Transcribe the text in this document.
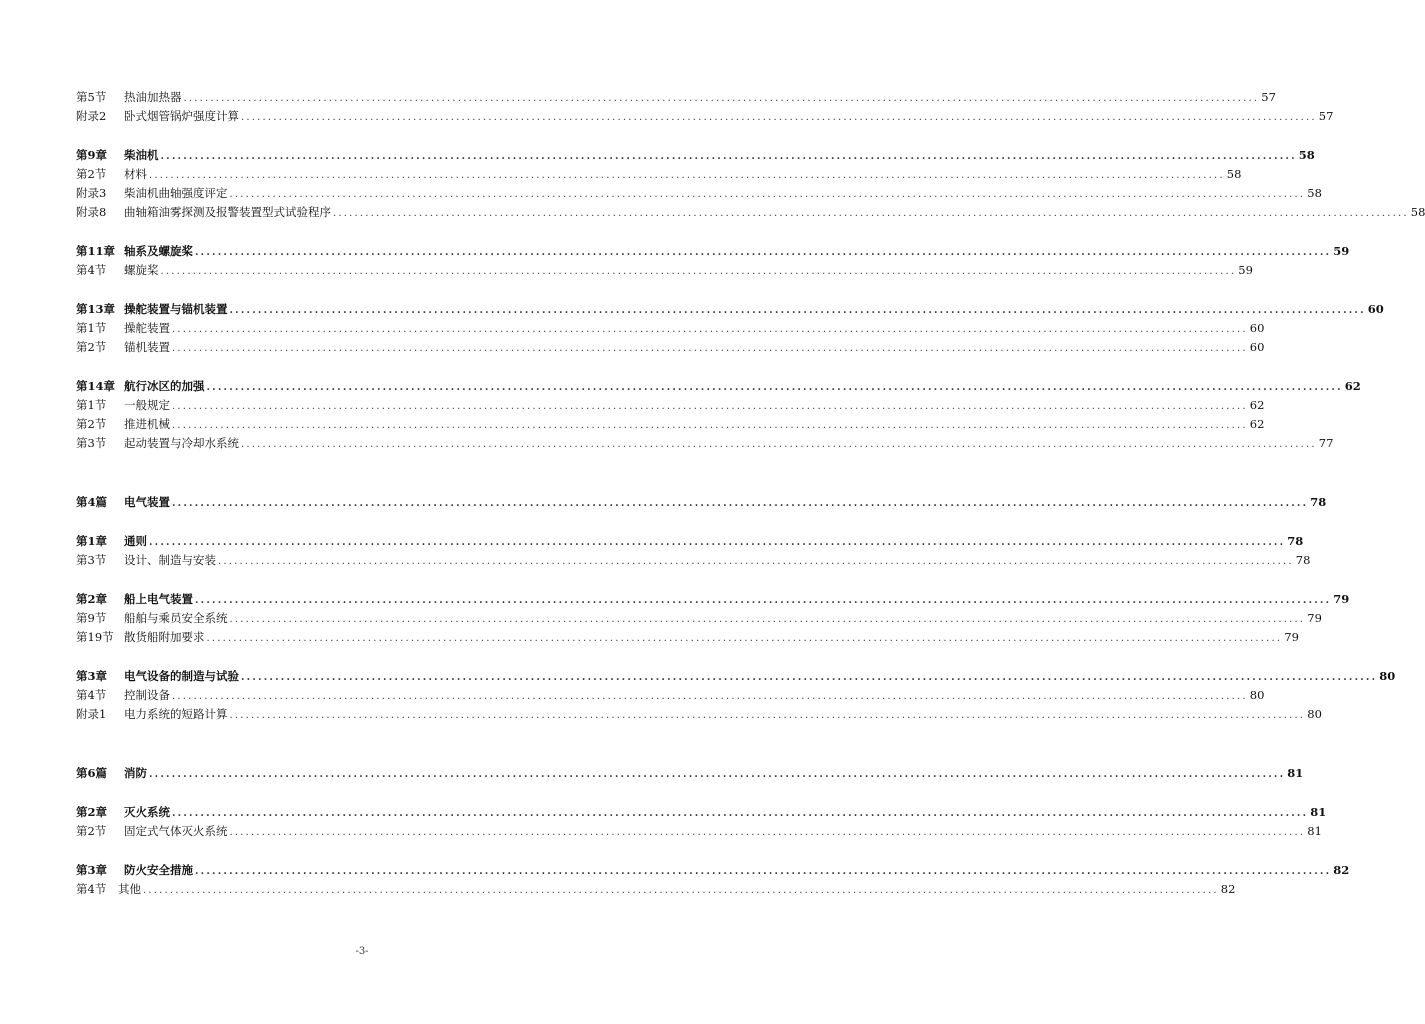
第5节	热油加热器 ........................................................................................................................................................................................................ 57
附录2	卧式烟管锅炉强度计算 ........................................................................................................................................................................................................ 57
第9章	柴油机 ........................................................................................................................................................................................................ 58
第2节	材料 ........................................................................................................................................................................................................ 58
附录3	柴油机曲轴强度评定 ........................................................................................................................................................................................................ 58
附录8	曲轴箱油雾探测及报警装置型式试验程序 ........................................................................................................................................................................................................ 58
第11章 轴系及螺旋桨 ........................................................................................................................................................................................................ 59
第4节	螺旋桨 ........................................................................................................................................................................................................ 59
第13章 操舵装置与锚机装置 ........................................................................................................................................................................................................ 60
第1节	操舵装置 ........................................................................................................................................................................................................ 60
第2节	锚机装置 ........................................................................................................................................................................................................ 60
第14章 航行冰区的加强 ........................................................................................................................................................................................................ 62
第1节	一般规定 ........................................................................................................................................................................................................ 62
第2节	推进机械 ........................................................................................................................................................................................................ 62
第3节	起动装置与冷却水系统 ........................................................................................................................................................................................................ 77
第4篇	电气装置 ........................................................................................................................................................................................................ 78
第1章	通则 ........................................................................................................................................................................................................ 78
第3节	设计、制造与安装 ........................................................................................................................................................................................................ 78
第2章	船上电气装置 ........................................................................................................................................................................................................ 79
第9节	船舶与乘员安全系统 ........................................................................................................................................................................................................ 79
第19节 散货船附加要求 ........................................................................................................................................................................................................ 79
第3章	电气设备的制造与试验 ........................................................................................................................................................................................................ 80
第4节	控制设备 ........................................................................................................................................................................................................ 80
附录1	电力系统的短路计算 ........................................................................................................................................................................................................ 80
第6篇	消防 ........................................................................................................................................................................................................ 81
第2章	灭火系统 ........................................................................................................................................................................................................ 81
第2节	固定式气体灭火系统 ........................................................................................................................................................................................................ 81
第3章	防火安全措施 ........................................................................................................................................................................................................ 82
第4节	其他 ........................................................................................................................................................................................................ 82
-3-
